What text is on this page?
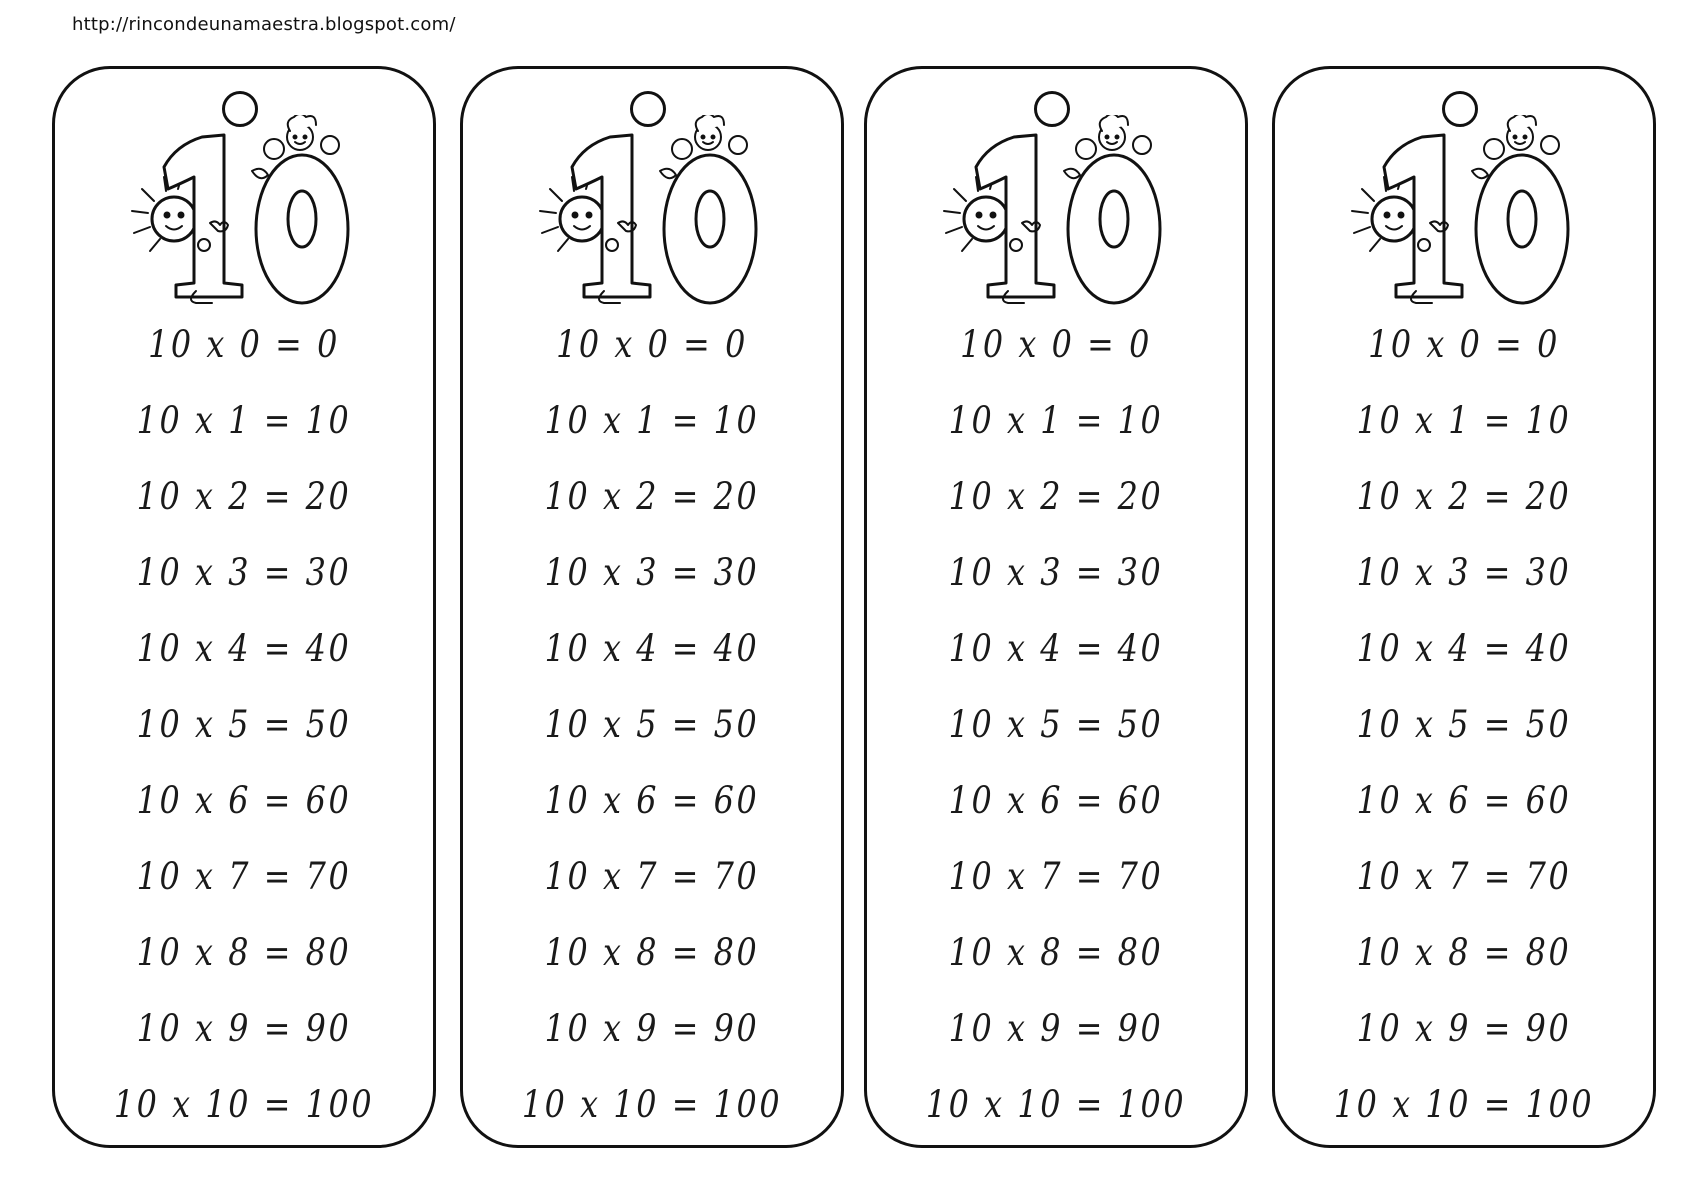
http://rincondeunamaestra.blogspot.com/
10 x 0 = 0
10 x 1 = 10
10 x 2 = 20
10 x 3 = 30
10 x 4 = 40
10 x 5 = 50
10 x 6 = 60
10 x 7 = 70
10 x 8 = 80
10 x 9 = 90
10 x 10 = 100
10 x 0 = 0
10 x 1 = 10
10 x 2 = 20
10 x 3 = 30
10 x 4 = 40
10 x 5 = 50
10 x 6 = 60
10 x 7 = 70
10 x 8 = 80
10 x 9 = 90
10 x 10 = 100
10 x 0 = 0
10 x 1 = 10
10 x 2 = 20
10 x 3 = 30
10 x 4 = 40
10 x 5 = 50
10 x 6 = 60
10 x 7 = 70
10 x 8 = 80
10 x 9 = 90
10 x 10 = 100
10 x 0 = 0
10 x 1 = 10
10 x 2 = 20
10 x 3 = 30
10 x 4 = 40
10 x 5 = 50
10 x 6 = 60
10 x 7 = 70
10 x 8 = 80
10 x 9 = 90
10 x 10 = 100
